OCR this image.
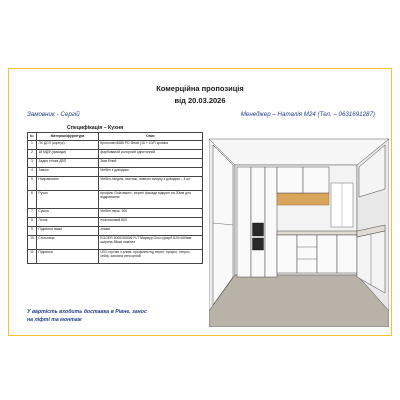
Комерційна пропозиція
від 20.03.2026
Замовник - Сергій	Менеджер – Наталія М24 (Тел. – 0631691287)
Специфікація – Кухня
№	Матеріал/фурнітура	Опис
1	ЛХ ДСП (корпус)	Кронопан 8685 PD білий (16 + 10/П кромка
2	18 МДФ (фасади)	фарбований колорний однотонний
3	Задня стінка ДВП	3мм білий
4	Завіси	Мебел з доводчик
5	Направляючі	Мебел-тандем, монтаж, повного висуву з доводом – 4 шт
6	Ручки	профіль Gola вмонт., верхні фасади відкриті на 20мм для відкривання
7	Сушка	Мебел нерж. 900
8	Лоток	пластиковий 800
9	Підсвітка ніжки	злами.
10	Стільниця	EGGER 4000/3000/6 FLT Мармур Оссо (фарб.S20×600мм ширина 38мм ламінат
11	Підсвітка	LED-стрічки з алюм. профілем під верхн. профіл, нитрох, сейф, захисна сенсорний
У вартість входить доставка в Рівне, занос
на ліфті та монтаж
